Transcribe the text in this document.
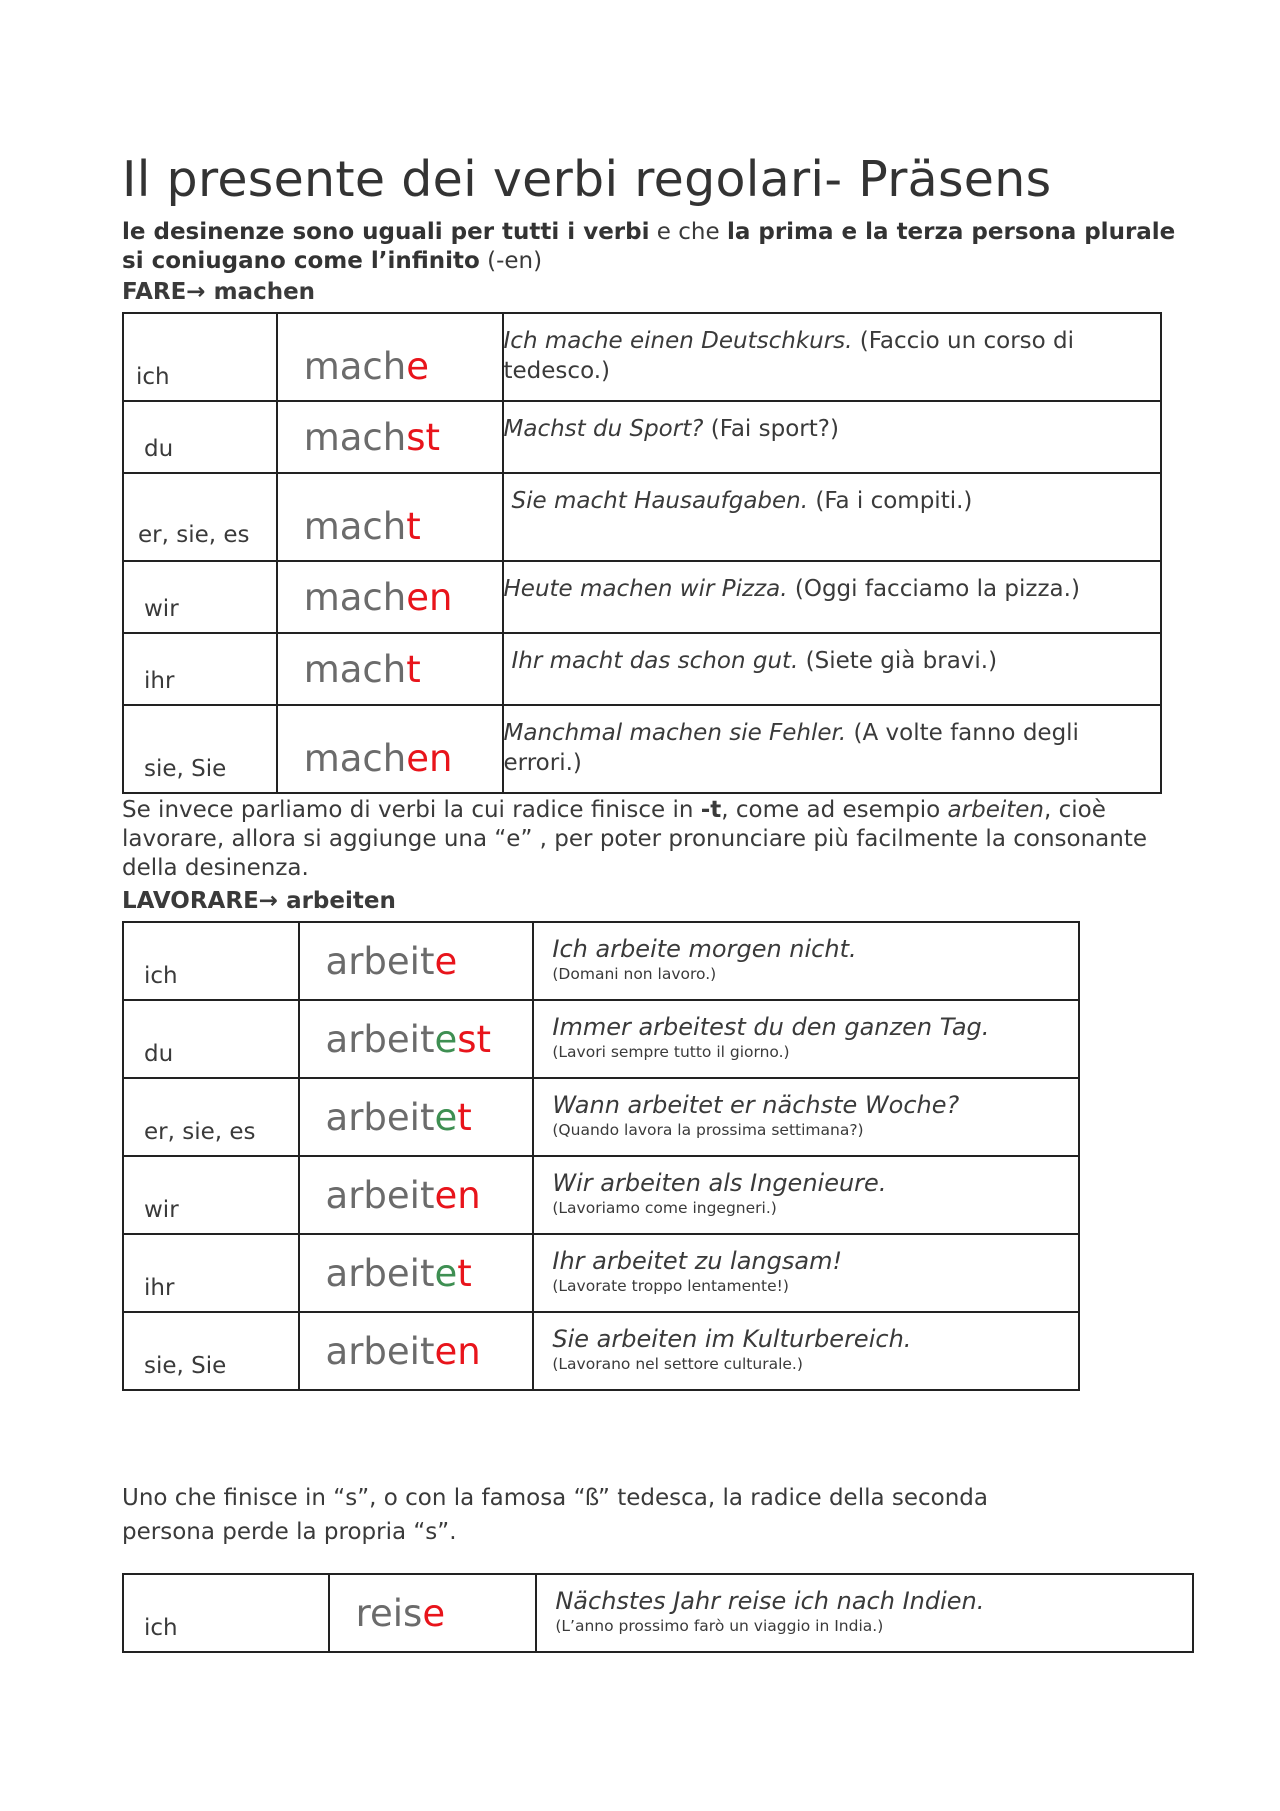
Il presente dei verbi regolari- Präsens

le desinenze sono uguali per tutti i verbi e che la prima e la terza persona plurale si coniugano come l’infinito (-en)

FARE→ machen
ich	mache	Ich mache einen Deutschkurs. (Faccio un corso di tedesco.)
du	machst	Machst du Sport? (Fai sport?)
er, sie, es	macht	Sie macht Hausaufgaben. (Fa i compiti.)
wir	machen	Heute machen wir Pizza. (Oggi facciamo la pizza.)
ihr	macht	Ihr macht das schon gut. (Siete già bravi.)
sie, Sie	machen	Manchmal machen sie Fehler. (A volte fanno degli errori.)

Se invece parliamo di verbi la cui radice finisce in -t, come ad esempio arbeiten, cioè lavorare, allora si aggiunge una “e” , per poter pronunciare più facilmente la consonante della desinenza.

LAVORARE→ arbeiten
ich	arbeite	Ich arbeite morgen nicht.
(Domani non lavoro.)

du	arbeitest	Immer arbeitest du den ganzen Tag.
(Lavori sempre tutto il giorno.)

er, sie, es	arbeitet	Wann arbeitet er nächste Woche?
(Quando lavora la prossima settimana?)

wir	arbeiten	Wir arbeiten als Ingenieure.
(Lavoriamo come ingegneri.)

ihr	arbeitet	Ihr arbeitet zu langsam!
(Lavorate troppo lentamente!)

sie, Sie	arbeiten	Sie arbeiten im Kulturbereich.
(Lavorano nel settore culturale.)

Uno che finisce in “s”, o con la famosa “ß” tedesca, la radice della seconda persona perde la propria “s”.

ich	reise	Nächstes Jahr reise ich nach Indien.
(L’anno prossimo farò un viaggio in India.)
